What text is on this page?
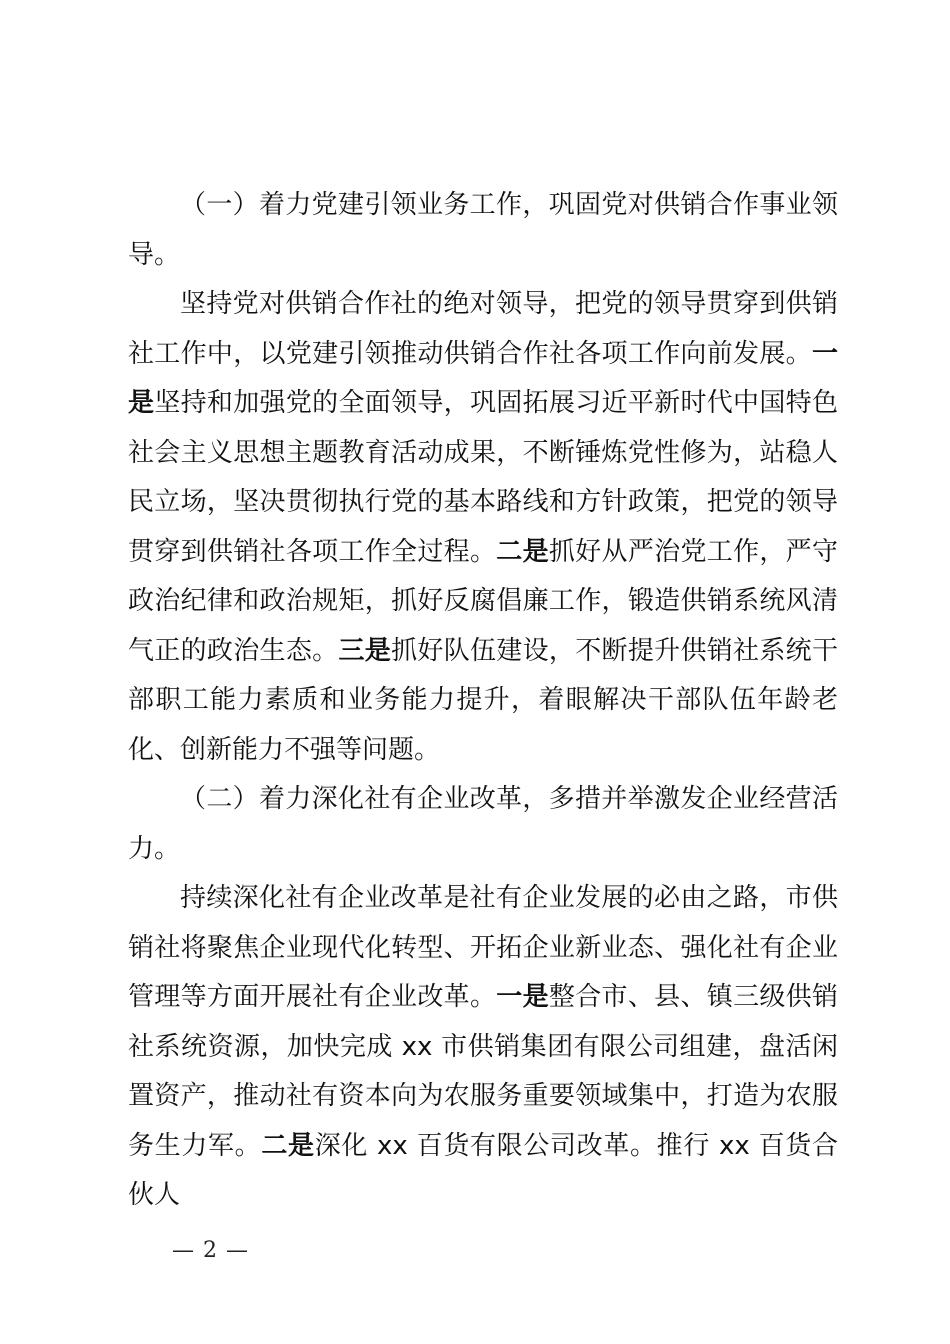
（一）着力党建引领业务工作，巩固党对供销合作事业领导。

坚持党对供销合作社的绝对领导，把党的领导贯穿到供销社工作中，以党建引领推动供销合作社各项工作向前发展。一是坚持和加强党的全面领导，巩固拓展习近平新时代中国特色社会主义思想主题教育活动成果，不断锤炼党性修为，站稳人民立场，坚决贯彻执行党的基本路线和方针政策，把党的领导贯穿到供销社各项工作全过程。二是抓好从严治党工作，严守政治纪律和政治规矩，抓好反腐倡廉工作，锻造供销系统风清气正的政治生态。三是抓好队伍建设，不断提升供销社系统干部职工能力素质和业务能力提升，着眼解决干部队伍年龄老化、创新能力不强等问题。

（二）着力深化社有企业改革，多措并举激发企业经营活力。

持续深化社有企业改革是社有企业发展的必由之路，市供销社将聚焦企业现代化转型、开拓企业新业态、强化社有企业管理等方面开展社有企业改革。一是整合市、县、镇三级供销社系统资源，加快完成 xx 市供销集团有限公司组建，盘活闲置资产，推动社有资本向为农服务重要领域集中，打造为农服务生力军。二是深化 xx 百货有限公司改革。推行 xx 百货合伙人

— 2 —
